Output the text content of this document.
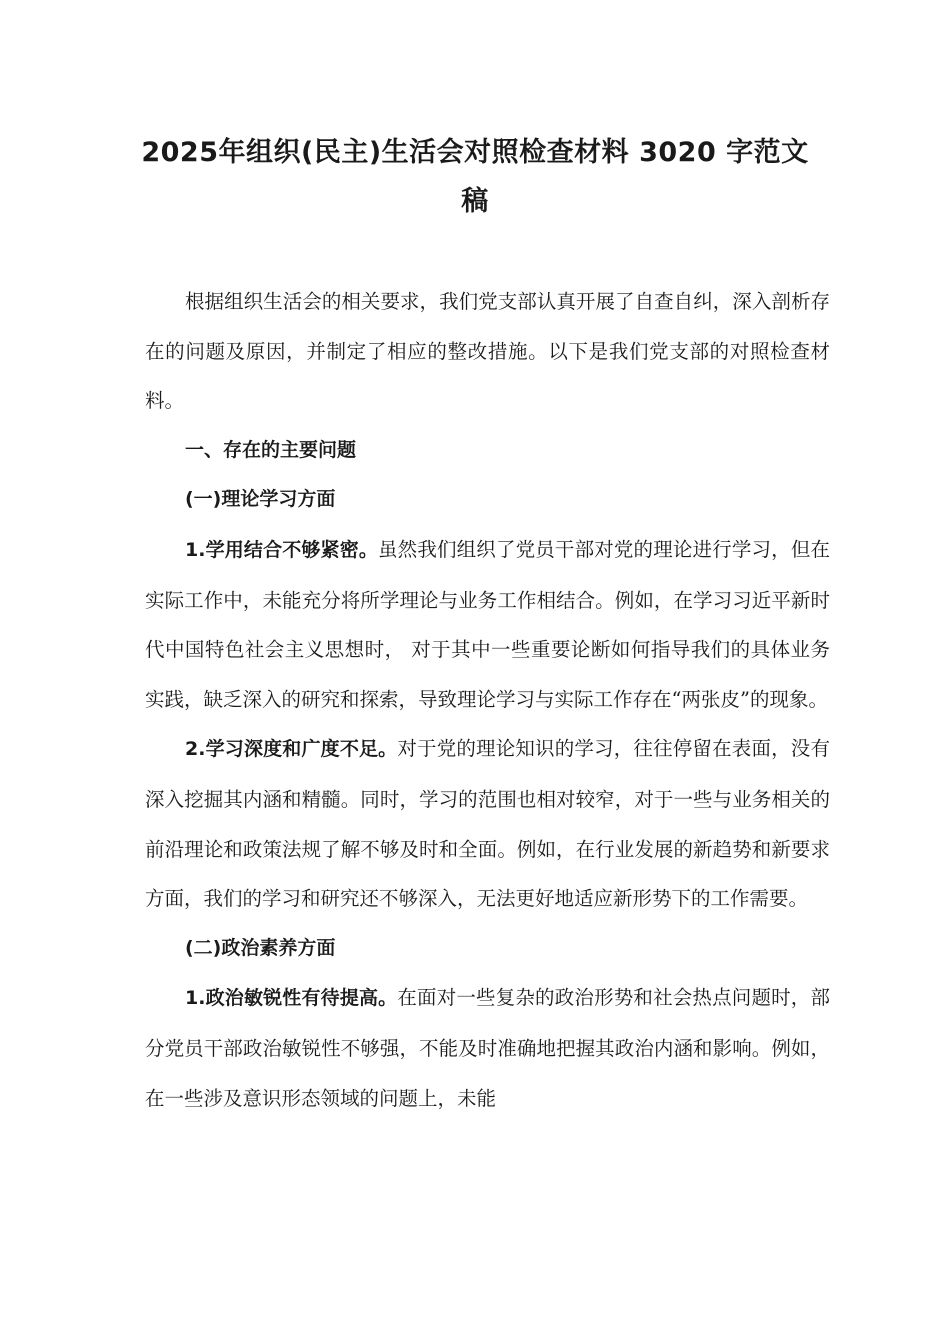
2025年组织(民主)生活会对照检查材料 3020 字范文
稿

根据组织生活会的相关要求，我们党支部认真开展了自查自纠，深入剖析存在的问题及原因，并制定了相应的整改措施。以下是我们党支部的对照检查材料。

一、存在的主要问题

(一)理论学习方面

1.学用结合不够紧密。虽然我们组织了党员干部对党的理论进行学习，但在实际工作中，未能充分将所学理论与业务工作相结合。例如，在学习习近平新时代中国特色社会主义思想时， 对于其中一些重要论断如何指导我们的具体业务实践，缺乏深入的研究和探索，导致理论学习与实际工作存在“两张皮”的现象。

2.学习深度和广度不足。对于党的理论知识的学习，往往停留在表面，没有深入挖掘其内涵和精髓。同时，学习的范围也相对较窄，对于一些与业务相关的前沿理论和政策法规了解不够及时和全面。例如，在行业发展的新趋势和新要求方面，我们的学习和研究还不够深入，无法更好地适应新形势下的工作需要。

(二)政治素养方面

1.政治敏锐性有待提高。在面对一些复杂的政治形势和社会热点问题时，部分党员干部政治敏锐性不够强，不能及时准确地把握其政治内涵和影响。例如，在一些涉及意识形态领域的问题上，未能
